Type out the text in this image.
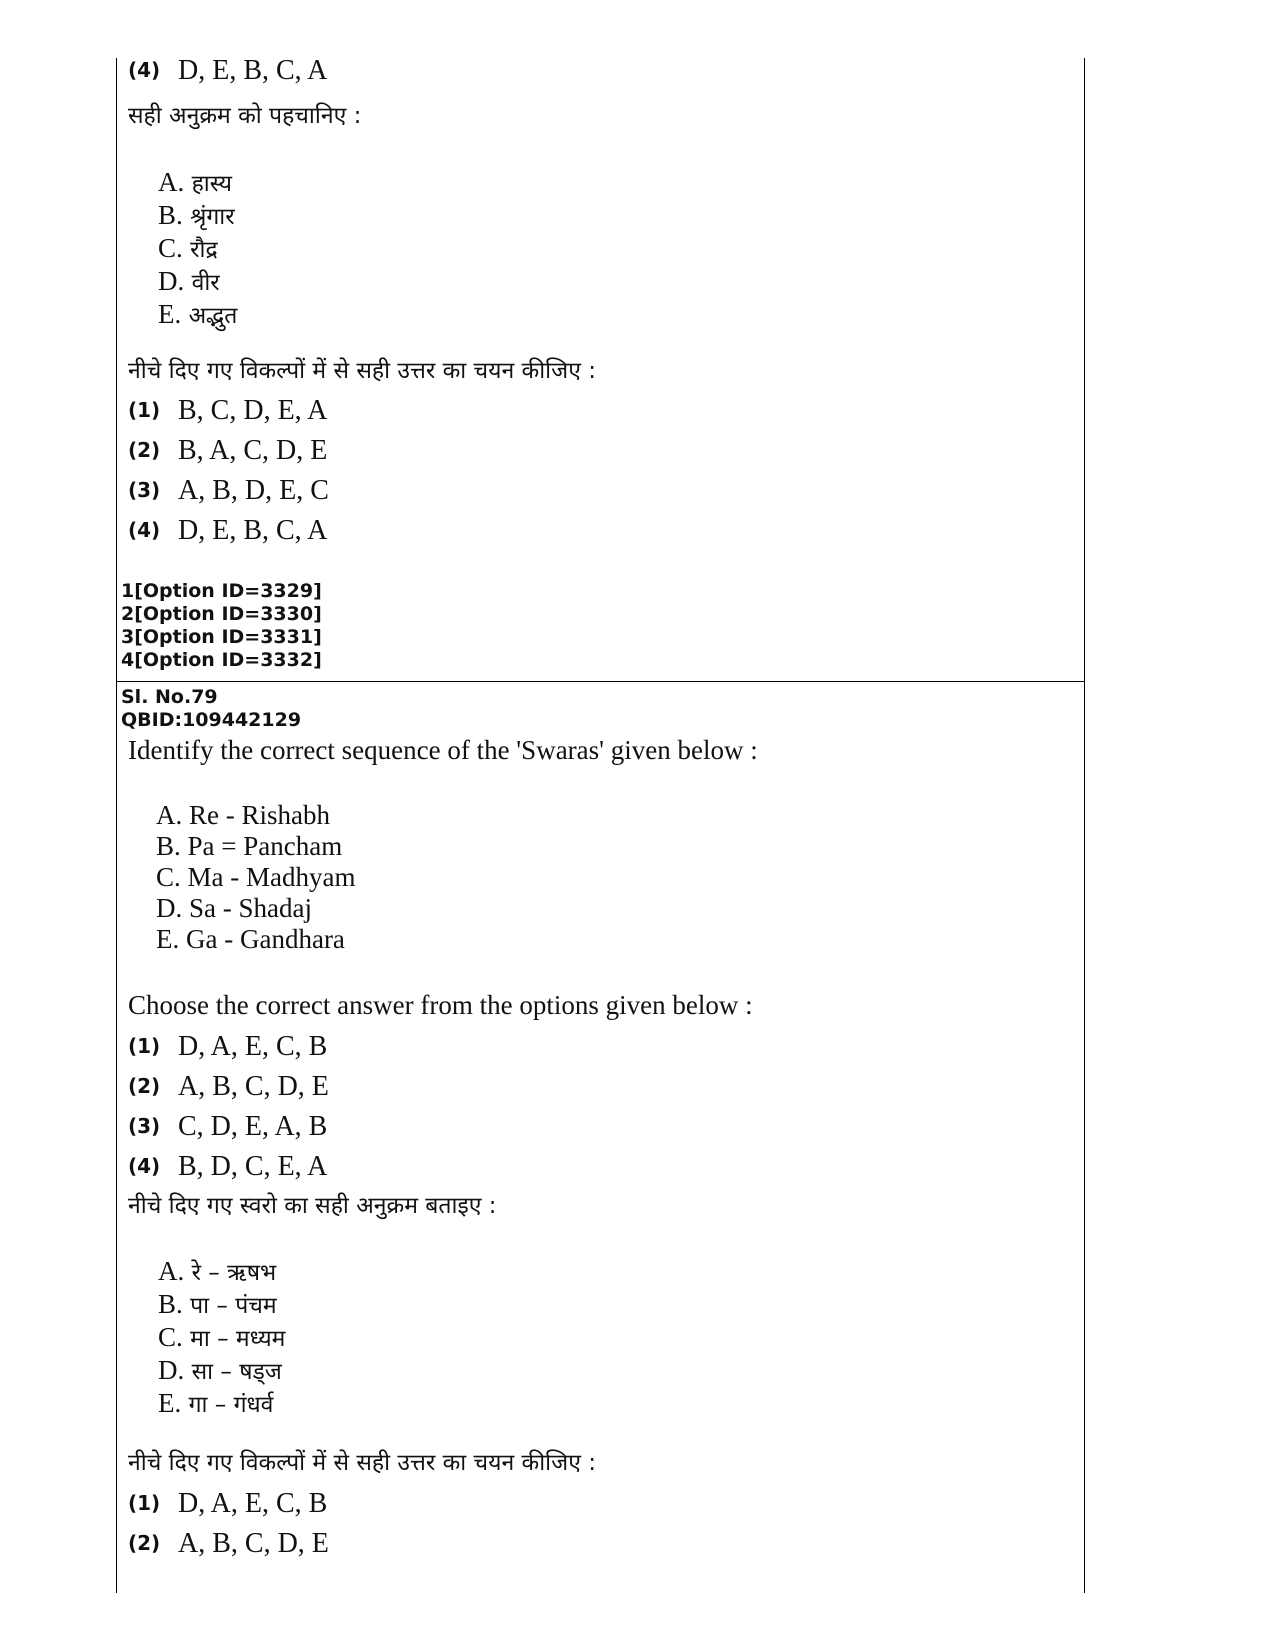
(4) D, E, B, C, A
सही अनुक्रम को पहचानिए :
A. हास्य
B. श्रृंगार
C. रौद्र
D. वीर
E. अद्भुत
नीचे दिए गए विकल्पों में से सही उत्तर का चयन कीजिए :
(1) B, C, D, E, A
(2) B, A, C, D, E
(3) A, B, D, E, C
(4) D, E, B, C, A
1[Option ID=3329]
2[Option ID=3330]
3[Option ID=3331]
4[Option ID=3332]
Sl. No.79
QBID:109442129
Identify the correct sequence of the 'Swaras' given below :
A. Re - Rishabh
B. Pa = Pancham
C. Ma - Madhyam
D. Sa - Shadaj
E. Ga - Gandhara
Choose the correct answer from the options given below :
(1) D, A, E, C, B
(2) A, B, C, D, E
(3) C, D, E, A, B
(4) B, D, C, E, A
नीचे दिए गए स्वरो का सही अनुक्रम बताइए :
A. रे – ऋषभ
B. पा – पंचम
C. मा – मध्यम
D. सा – षड्ज
E. गा – गंधर्व
नीचे दिए गए विकल्पों में से सही उत्तर का चयन कीजिए :
(1) D, A, E, C, B
(2) A, B, C, D, E
